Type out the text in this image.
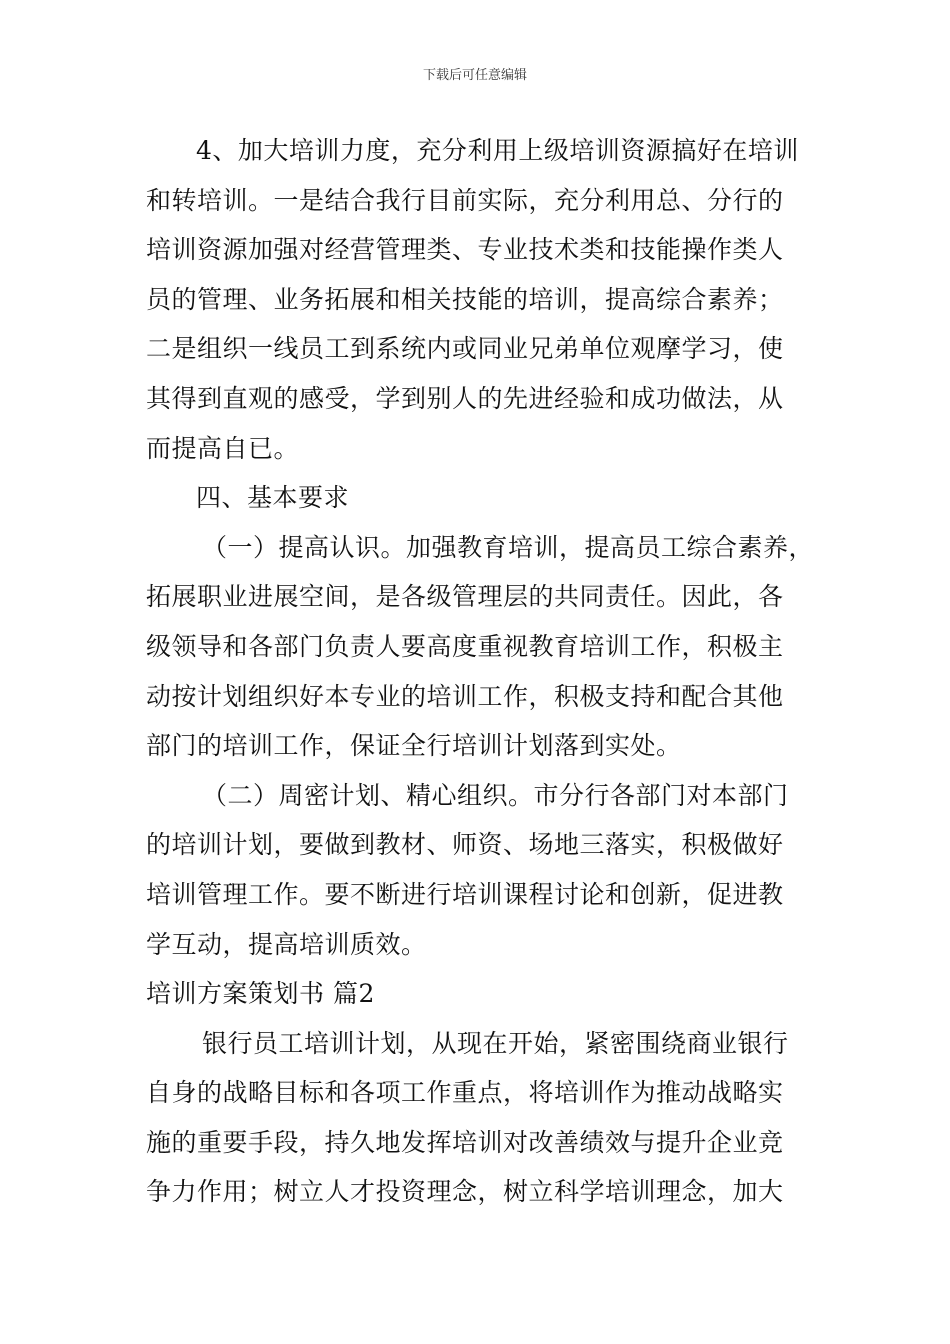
下载后可任意编辑
4、加大培训力度，充分利用上级培训资源搞好在培训
和转培训。一是结合我行目前实际，充分利用总、分行的
培训资源加强对经营管理类、专业技术类和技能操作类人
员的管理、业务拓展和相关技能的培训，提高综合素养；
二是组织一线员工到系统内或同业兄弟单位观摩学习，使
其得到直观的感受，学到别人的先进经验和成功做法，从
而提高自已。
四、基本要求
（一）提高认识。加强教育培训，提高员工综合素养，
拓展职业进展空间，是各级管理层的共同责任。因此，各
级领导和各部门负责人要高度重视教育培训工作，积极主
动按计划组织好本专业的培训工作，积极支持和配合其他
部门的培训工作，保证全行培训计划落到实处。
（二）周密计划、精心组织。市分行各部门对本部门
的培训计划，要做到教材、师资、场地三落实，积极做好
培训管理工作。要不断进行培训课程讨论和创新，促进教
学互动，提高培训质效。
培训方案策划书 篇2
银行员工培训计划，从现在开始，紧密围绕商业银行
自身的战略目标和各项工作重点，将培训作为推动战略实
施的重要手段，持久地发挥培训对改善绩效与提升企业竞
争力作用；树立人才投资理念，树立科学培训理念，加大
